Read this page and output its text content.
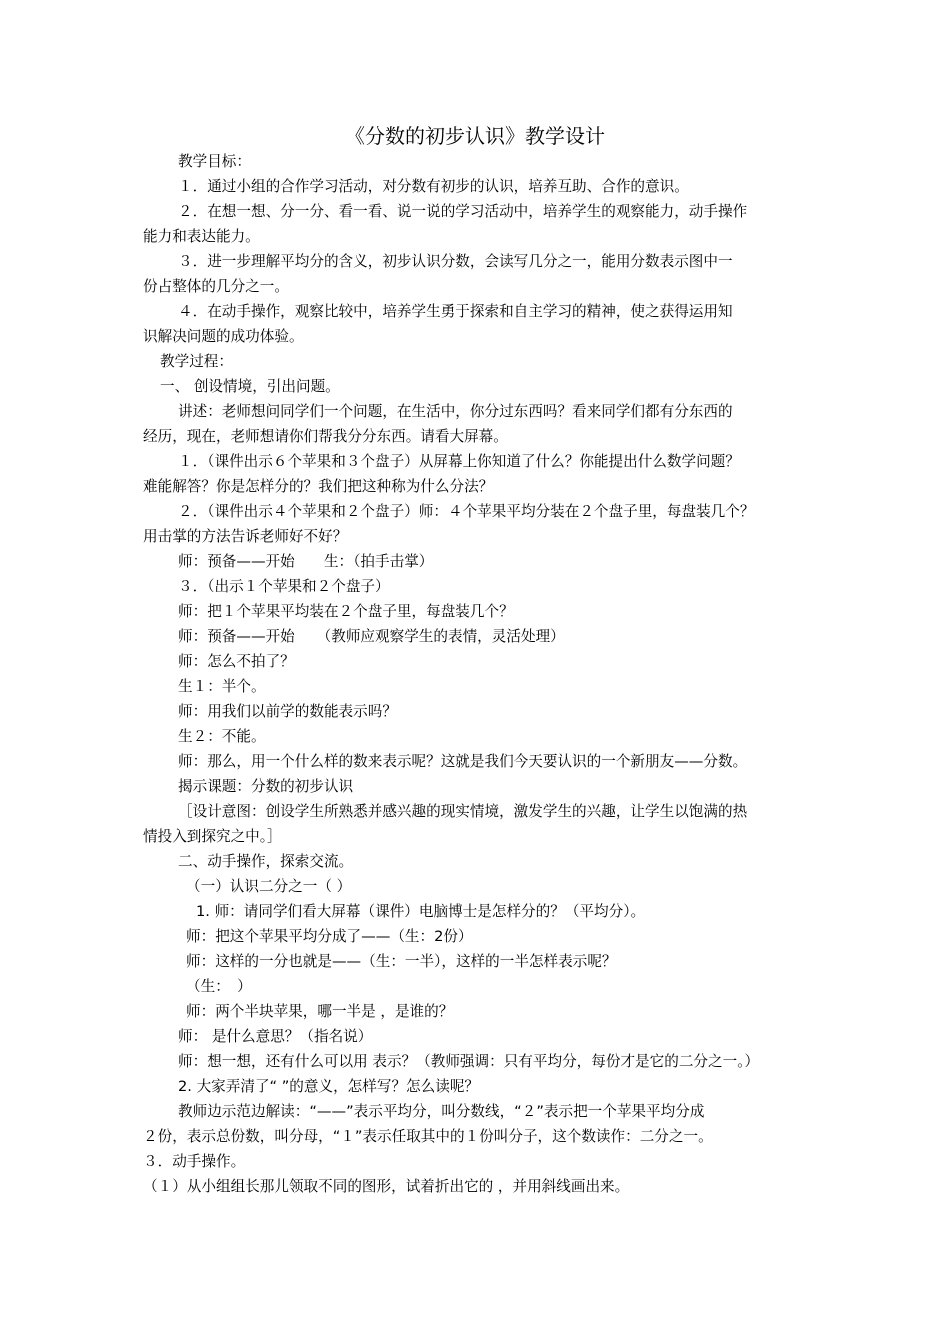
《分数的初步认识》教学设计
教学目标：
１．通过小组的合作学习活动，对分数有初步的认识，培养互助、合作的意识。
２．在想一想、分一分、看一看、说一说的学习活动中，培养学生的观察能力，动手操作
能力和表达能力。
３．进一步理解平均分的含义，初步认识分数，会读写几分之一，能用分数表示图中一
份占整体的几分之一。
４．在动手操作，观察比较中，培养学生勇于探索和自主学习的精神，使之获得运用知
识解决问题的成功体验。
教学过程：
一、 创设情境，引出问题。
讲述：老师想问同学们一个问题，在生活中，你分过东西吗？看来同学们都有分东西的
经历，现在，老师想请你们帮我分分东西。请看大屏幕。
１．（课件出示６个苹果和３个盘子）从屏幕上你知道了什么？你能提出什么数学问题？
难能解答？你是怎样分的？我们把这种称为什么分法？
２．（课件出示４个苹果和２个盘子）师：４个苹果平均分装在２个盘子里，每盘装几个？
用击掌的方法告诉老师好不好？
师：预备——开始　　生：（拍手击掌）
３．（出示１个苹果和２个盘子）
师：把１个苹果平均装在２个盘子里，每盘装几个？
师：预备——开始　　（教师应观察学生的表情，灵活处理）
师：怎么不拍了？
生１：半个。
师：用我们以前学的数能表示吗？
生２：不能。
师：那么，用一个什么样的数来表示呢？这就是我们今天要认识的一个新朋友——分数。
揭示课题：分数的初步认识
［设计意图：创设学生所熟悉并感兴趣的现实情境，激发学生的兴趣，让学生以饱满的热
情投入到探究之中。］
二、动手操作，探索交流。
（一）认识二分之一（ ）
1. 师：请同学们看大屏幕（课件）电脑博士是怎样分的？（平均分）。
师：把这个苹果平均分成了——（生：2份）
师：这样的一分也就是——（生：一半），这样的一半怎样表示呢？
（生：　）
师：两个半块苹果，哪一半是 ，是谁的？
师： 是什么意思？（指名说）
师：想一想，还有什么可以用 表示？（教师强调：只有平均分，每份才是它的二分之一。）
2. 大家弄清了“ ”的意义，怎样写？怎么读呢？
教师边示范边解读：“——”表示平均分，叫分数线，“２”表示把一个苹果平均分成
２份，表示总份数，叫分母，“１”表示任取其中的１份叫分子，这个数读作：二分之一。
３．动手操作。
（１）从小组组长那儿领取不同的图形，试着折出它的 ，并用斜线画出来。
